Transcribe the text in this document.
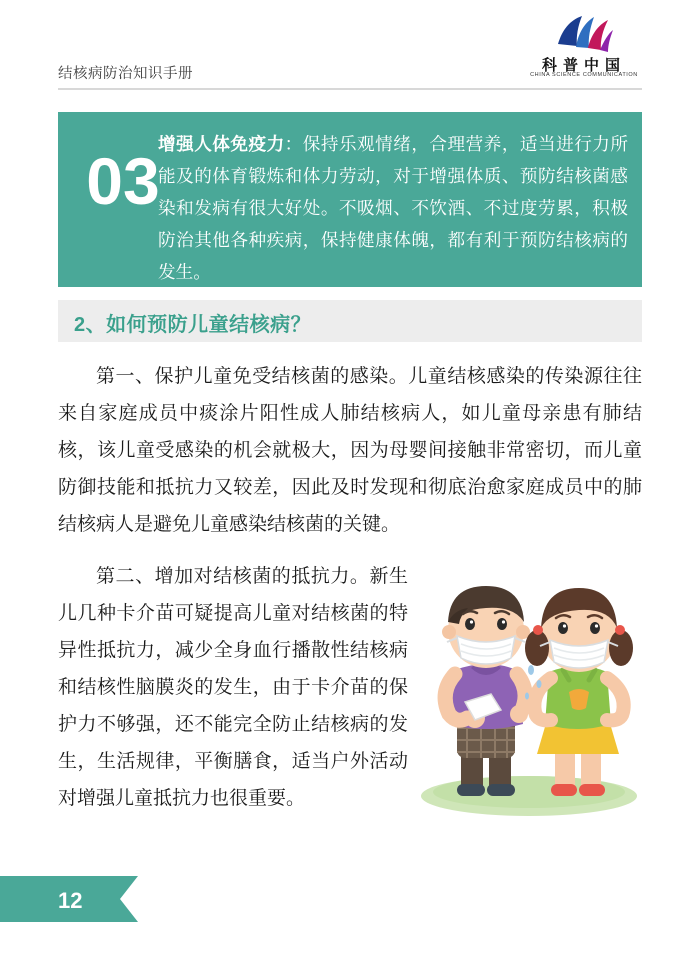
结核病防治知识手册	科普中国
CHINA SCIENCE COMMUNICATION
03
增强人体免疫力：保持乐观情绪，合理营养，适当进行力所能及的体育锻炼和体力劳动，对于增强体质、预防结核菌感染和发病有很大好处。不吸烟、不饮酒、不过度劳累，积极防治其他各种疾病，保持健康体魄，都有利于预防结核病的发生。
2、如何预防儿童结核病？
第一、保护儿童免受结核菌的感染。儿童结核感染的传染源往往来自家庭成员中痰涂片阳性成人肺结核病人，如儿童母亲患有肺结核，该儿童受感染的机会就极大，因为母婴间接触非常密切，而儿童防御技能和抵抗力又较差，因此及时发现和彻底治愈家庭成员中的肺结核病人是避免儿童感染结核菌的关键。
第二、增加对结核菌的抵抗力。新生儿几种卡介苗可疑提高儿童对结核菌的特异性抵抗力，减少全身血行播散性结核病和结核性脑膜炎的发生，由于卡介苗的保护力不够强，还不能完全防止结核病的发生，生活规律，平衡膳食，适当户外活动对增强儿童抵抗力也很重要。
12
